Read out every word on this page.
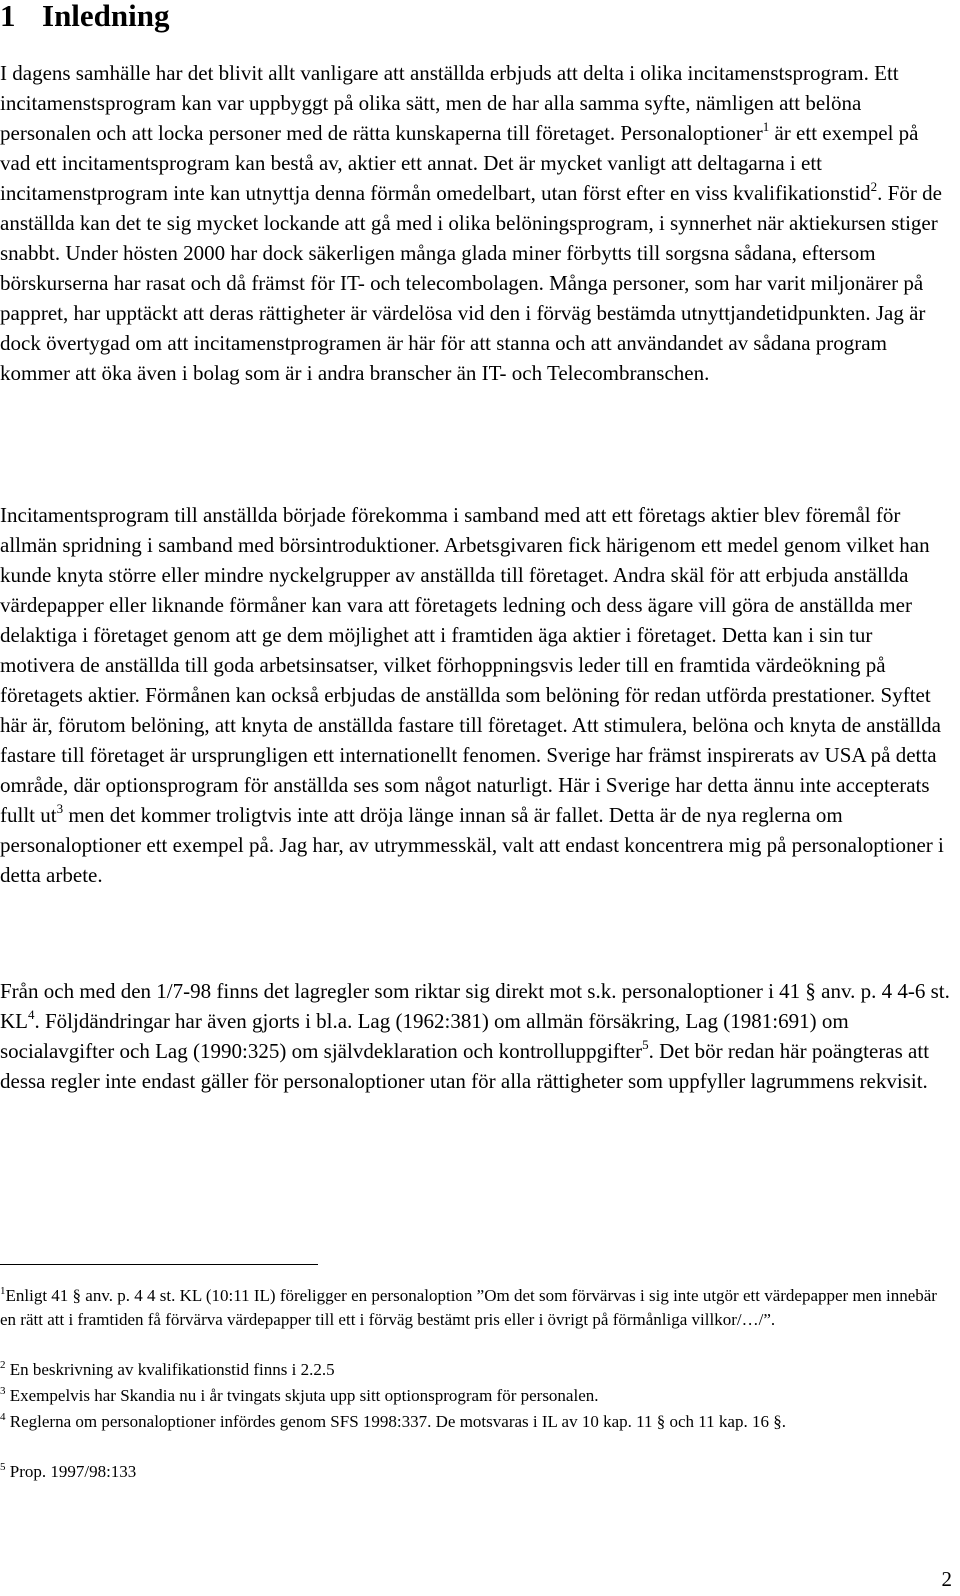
1 Inledning

I dagens samhälle har det blivit allt vanligare att anställda erbjuds att delta i olika incitamenstsprogram. Ett incitamenstsprogram kan var uppbyggt på olika sätt, men de har alla samma syfte, nämligen att belöna personalen och att locka personer med de rätta kunskaperna till företaget. Personaloptioner$^1$ är ett exempel på vad ett incitamentsprogram kan bestå av, aktier ett annat. Det är mycket vanligt att deltagarna i ett incitamenstprogram inte kan utnyttja denna förmån omedelbart, utan först efter en viss kvalifikationstid$^2$. För de anställda kan det te sig mycket lockande att gå med i olika belöningsprogram, i synnerhet när aktiekursen stiger snabbt. Under hösten 2000 har dock säkerligen många glada miner förbytts till sorgsna sådana, eftersom börskurserna har rasat och då främst för IT- och telecombolagen. Många personer, som har varit miljonärer på pappret, har upptäckt att deras rättigheter är värdelösa vid den i förväg bestämda utnyttjandetidpunkten. Jag är dock övertygad om att incitamenstprogramen är här för att stanna och att användandet av sådana program kommer att öka även i bolag som är i andra branscher än IT- och Telecombranschen.

Incitamentsprogram till anställda började förekomma i samband med att ett företags aktier blev föremål för allmän spridning i samband med börsintroduktioner. Arbetsgivaren fick härigenom ett medel genom vilket han kunde knyta större eller mindre nyckelgrupper av anställda till företaget. Andra skäl för att erbjuda anställda värdepapper eller liknande förmåner kan vara att företagets ledning och dess ägare vill göra de anställda mer delaktiga i företaget genom att ge dem möjlighet att i framtiden äga aktier i företaget. Detta kan i sin tur motivera de anställda till goda arbetsinsatser, vilket förhoppningsvis leder till en framtida värdeökning på företagets aktier. Förmånen kan också erbjudas de anställda som belöning för redan utförda prestationer. Syftet här är, förutom belöning, att knyta de anställda fastare till företaget. Att stimulera, belöna och knyta de anställda fastare till företaget är ursprungligen ett internationellt fenomen. Sverige har främst inspirerats av USA på detta område, där optionsprogram för anställda ses som något naturligt. Här i Sverige har detta ännu inte accepterats fullt $ut^3$ men det kommer troligtvis inte att dröja länge innan så är fallet. Detta är de nya reglerna om personaloptioner ett exempel på. Jag har, av utrymmesskäl, valt att endast koncentrera mig på personaloptioner i detta arbete.

Från och med den 1/7-98 finns det lagregler som riktar sig direkt mot s.k. personaloptioner i 41 § anv. p. 4 4-6 st. $KL^4$. Följdändringar har även gjorts i bl.a. Lag (1962:381) om allmän försäkring, Lag (1981:691) om socialavgifter och Lag (1990:325) om självdeklaration och kontrolluppgifter$^5$. Det bör redan här poängteras att dessa regler inte endast gäller för personaloptioner utan för alla rättigheter som uppfyller lagrummens rekvisit.

$^1$Enligt 41 § anv. p. 4 4 st. KL (10:11 IL) föreligger en personaloption ”Om det som förvärvas i sig inte utgör ett värdepapper men innebär en rätt att i framtiden få förvärva värdepapper till ett i förväg bestämt pris eller i övrigt på förmånliga villkor/…/”.

$^2$ En beskrivning av kvalifikationstid finns i 2.2.5

$^3$ Exempelvis har Skandia nu i år tvingats skjuta upp sitt optionsprogram för personalen.

$^4$ Reglerna om personaloptioner infördes genom SFS 1998:337. De motsvaras i IL av 10 kap. 11 § och 11 kap. 16 §.

$^5$ Prop. 1997/98:133

2
